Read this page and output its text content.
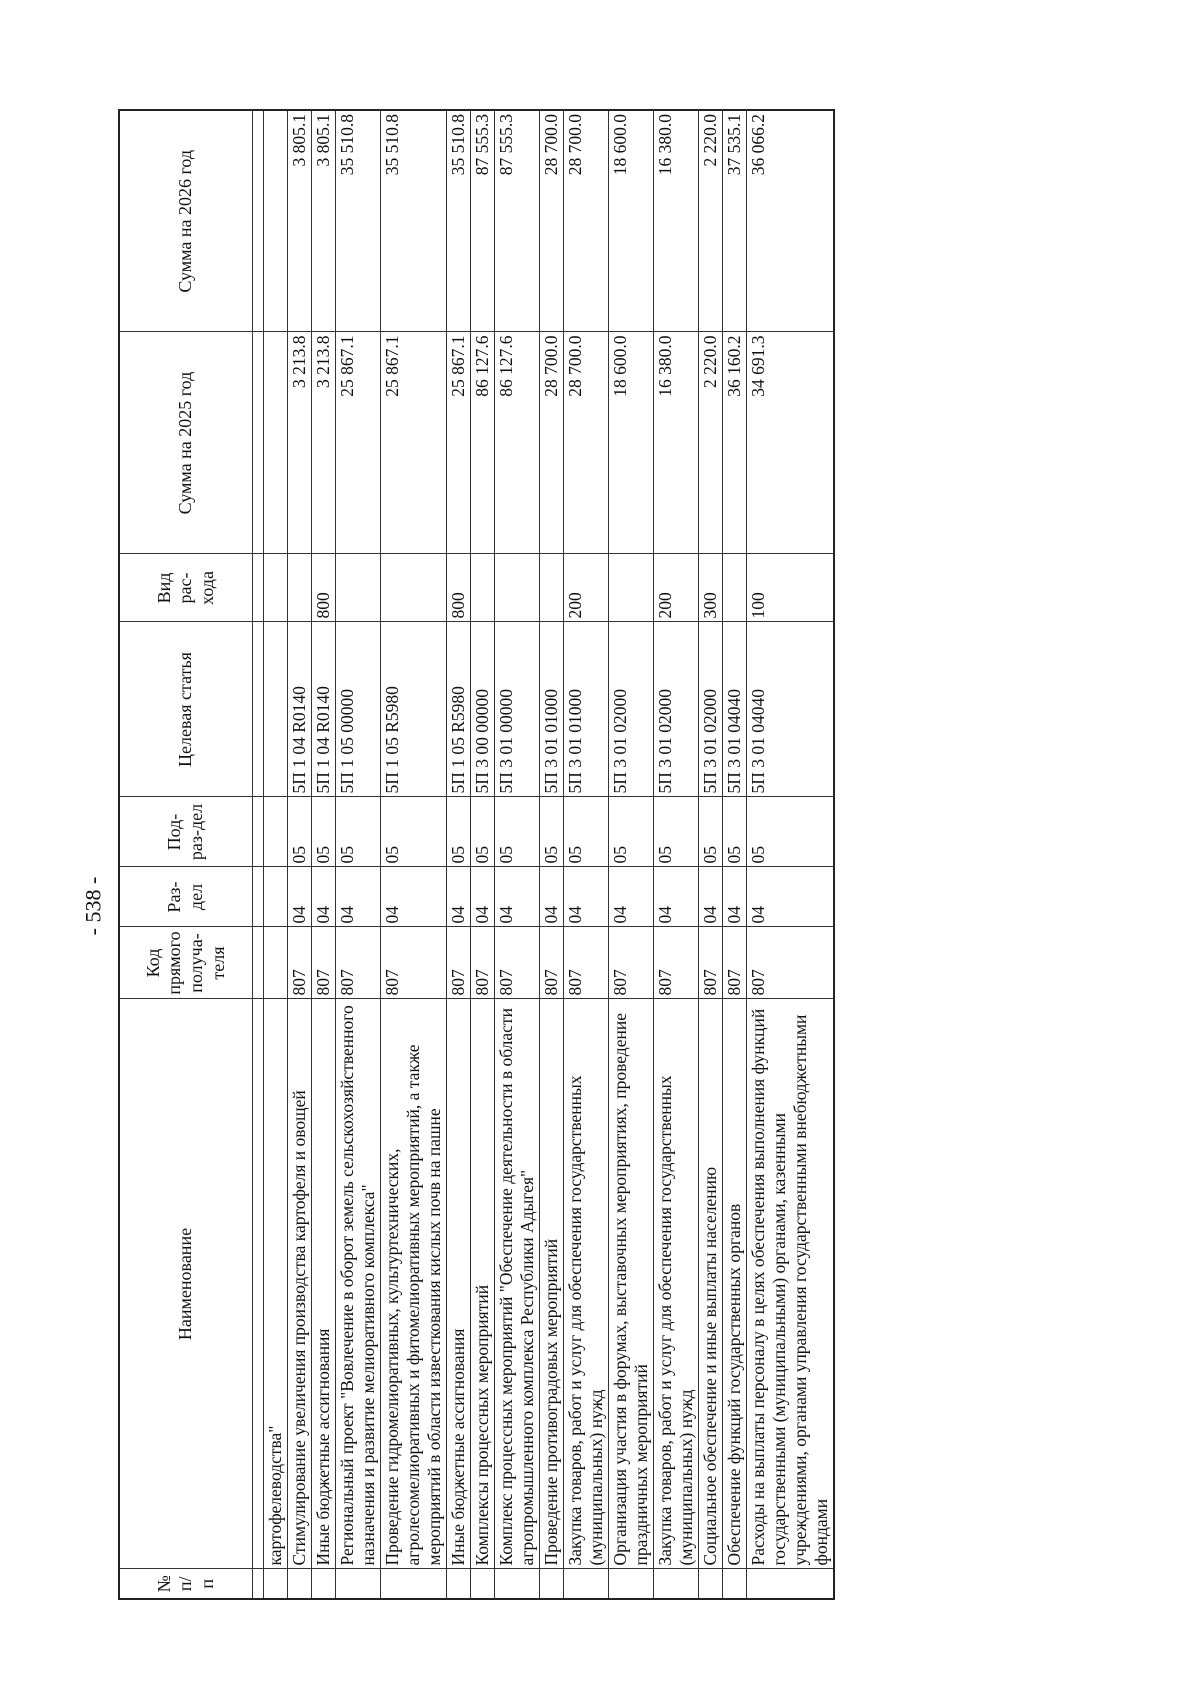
- 538 -
№ п/п	Наименование	Код прямого получа-теля	Раз-дел	Под-раз-дел	Целевая статья	Вид рас-хода	Сумма на 2025 год	Сумма на 2026 год

	картофелеводства"							
	Стимулирование увеличения производства картофеля и овощей	807	04	05	5П 1 04 R0140		3 213.8	3 805.1
	Иные бюджетные ассигнования	807	04	05	5П 1 04 R0140	800	3 213.8	3 805.1
	Региональный проект "Вовлечение в оборот земель сельскохозяйственного назначения и развитие мелиоративного комплекса"	807	04	05	5П 1 05 00000		25 867.1	35 510.8
	Проведение гидромелиоративных, культуртехнических, агролесомелиоративных и фитомелиоративных мероприятий, а также мероприятий в области известкования кислых почв на пашне	807	04	05	5П 1 05 R5980		25 867.1	35 510.8
	Иные бюджетные ассигнования	807	04	05	5П 1 05 R5980	800	25 867.1	35 510.8
	Комплексы процессных мероприятий	807	04	05	5П 3 00 00000		86 127.6	87 555.3
	Комплекс процессных мероприятий "Обеспечение деятельности в области агропромышленного комплекса Республики Адыгея"	807	04	05	5П 3 01 00000		86 127.6	87 555.3
	Проведение противоградовых мероприятий	807	04	05	5П 3 01 01000		28 700.0	28 700.0
	Закупка товаров, работ и услуг для обеспечения государственных (муниципальных) нужд	807	04	05	5П 3 01 01000	200	28 700.0	28 700.0
	Организация участия в форумах, выставочных мероприятиях, проведение праздничных мероприятий	807	04	05	5П 3 01 02000		18 600.0	18 600.0
	Закупка товаров, работ и услуг для обеспечения государственных (муниципальных) нужд	807	04	05	5П 3 01 02000	200	16 380.0	16 380.0
	Социальное обеспечение и иные выплаты населению	807	04	05	5П 3 01 02000	300	2 220.0	2 220.0
	Обеспечение функций государственных органов	807	04	05	5П 3 01 04040		36 160.2	37 535.1
	Расходы на выплаты персоналу в целях обеспечения выполнения функций государственными (муниципальными) органами, казенными учреждениями, органами управления государственными внебюджетными фондами	807	04	05	5П 3 01 04040	100	34 691.3	36 066.2
